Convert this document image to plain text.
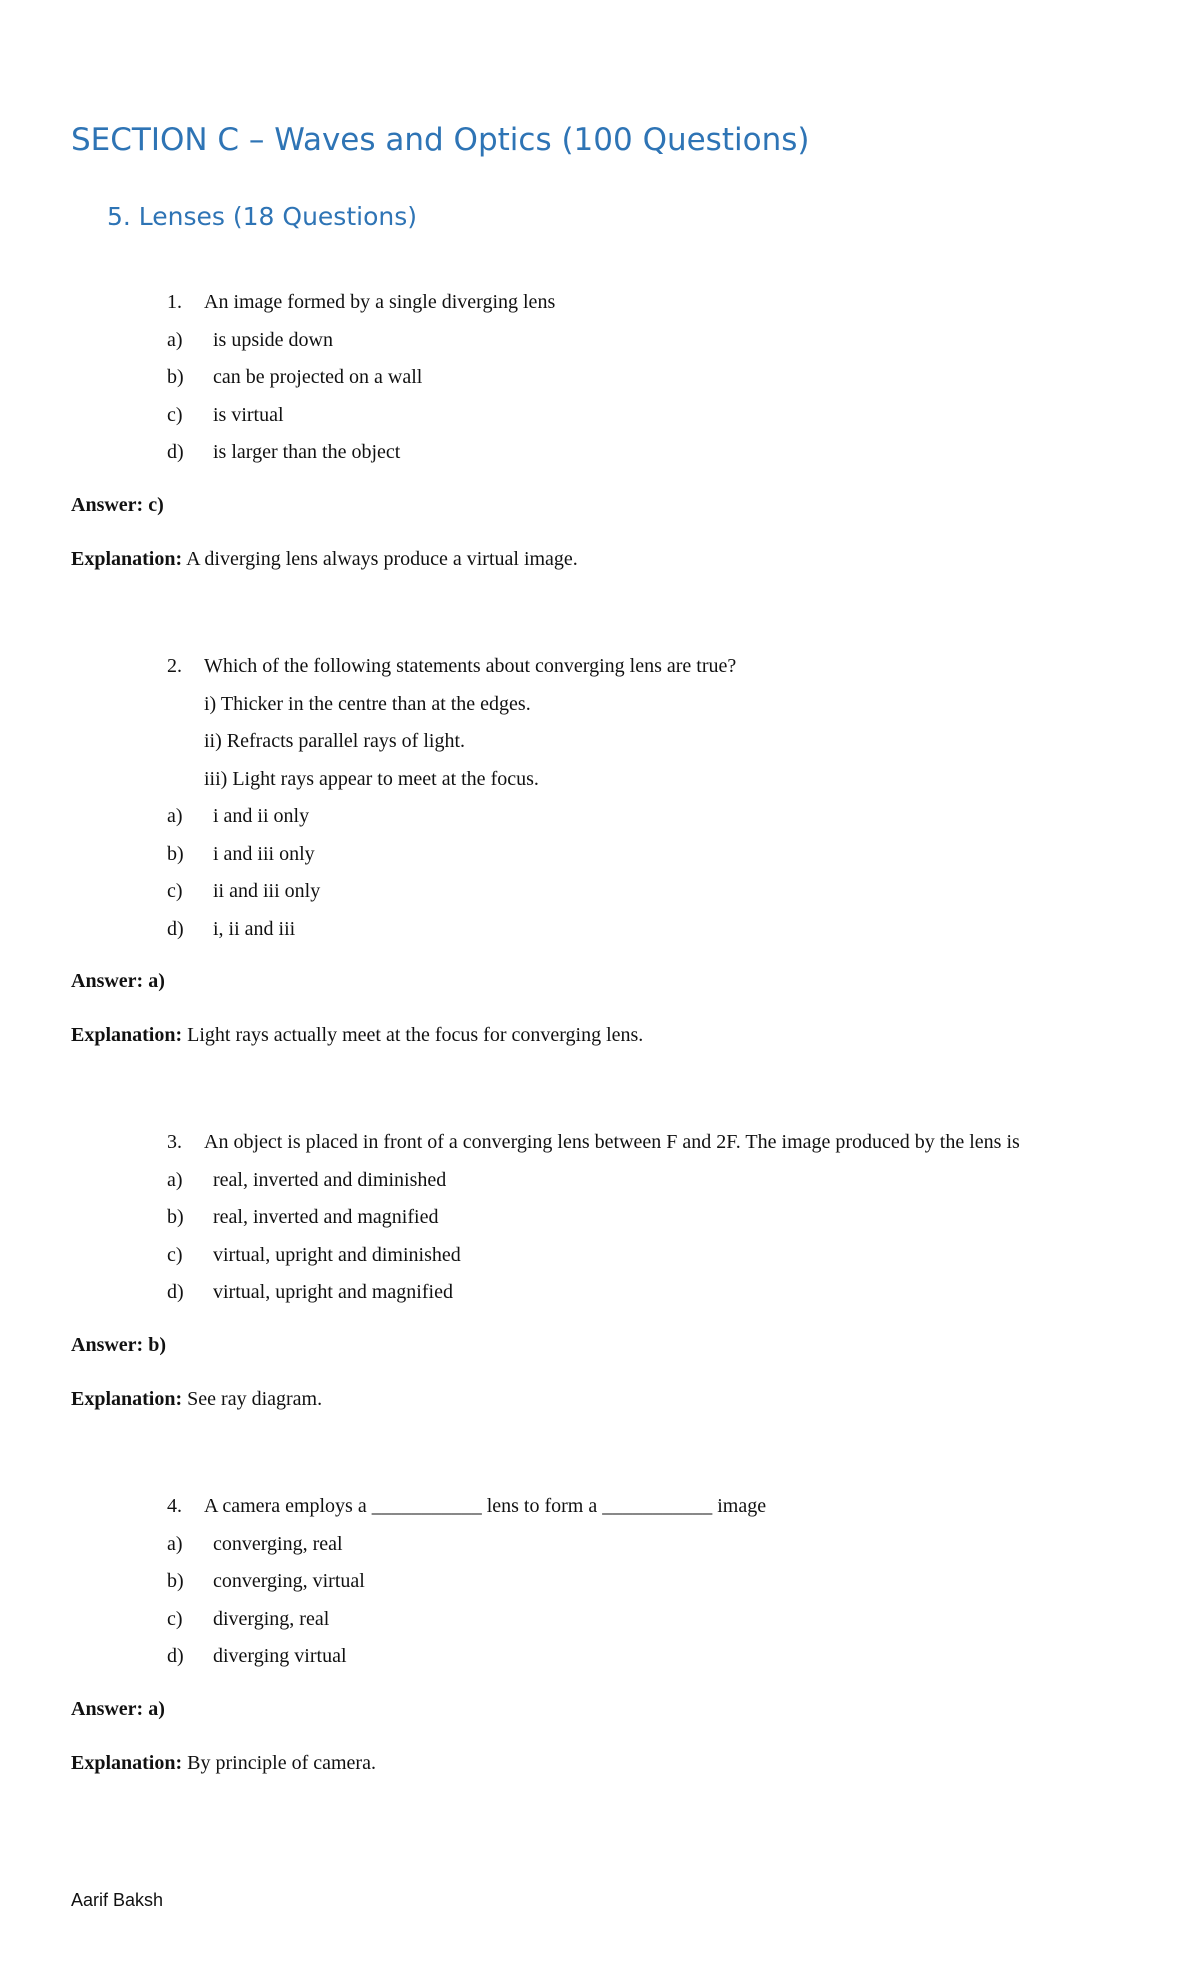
SECTION C – Waves and Optics (100 Questions)
5. Lenses (18 Questions)
1. An image formed by a single diverging lens
a) is upside down
b) can be projected on a wall
c) is virtual
d) is larger than the object
Answer: c)
Explanation: A diverging lens always produce a virtual image.
2. Which of the following statements about converging lens are true?
i) Thicker in the centre than at the edges.
ii) Refracts parallel rays of light.
iii) Light rays appear to meet at the focus.
a) i and ii only
b) i and iii only
c) ii and iii only
d) i, ii and iii
Answer: a)
Explanation: Light rays actually meet at the focus for converging lens.
3. An object is placed in front of a converging lens between F and 2F. The image produced by the lens is
a) real, inverted and diminished
b) real, inverted and magnified
c) virtual, upright and diminished
d) virtual, upright and magnified
Answer: b)
Explanation: See ray diagram.
4. A camera employs a ___________ lens to form a ___________ image
a) converging, real
b) converging, virtual
c) diverging, real
d) diverging virtual
Answer: a)
Explanation: By principle of camera.
Aarif Baksh
